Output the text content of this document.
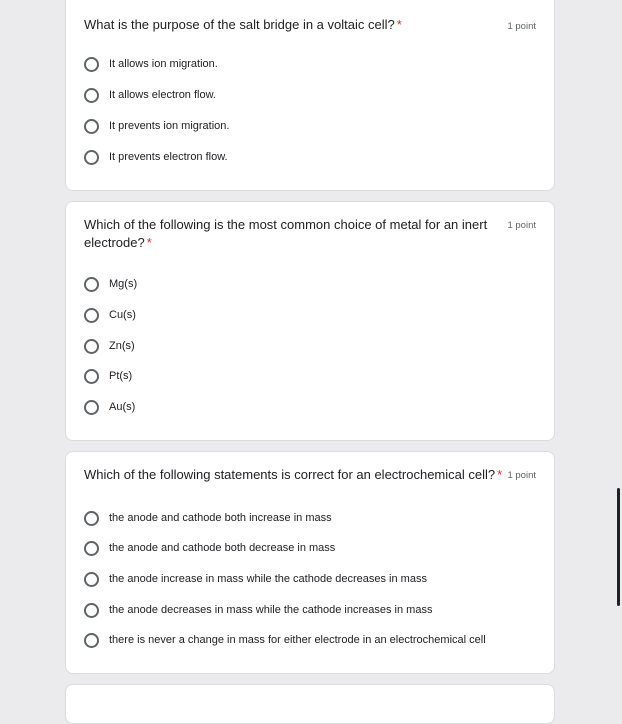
What is the purpose of the salt bridge in a voltaic cell? *	1 point
It allows ion migration.
It allows electron flow.
It prevents ion migration.
It prevents electron flow.
Which of the following is the most common choice of metal for an inert electrode? *
1 point
Mg(s)
Cu(s)
Zn(s)
Pt(s)
Au(s)
Which of the following statements is correct for an electrochemical cell? * 1 point
the anode and cathode both increase in mass
the anode and cathode both decrease in mass
the anode increase in mass while the cathode decreases in mass
the anode decreases in mass while the cathode increases in mass
there is never a change in mass for either electrode in an electrochemical cell
